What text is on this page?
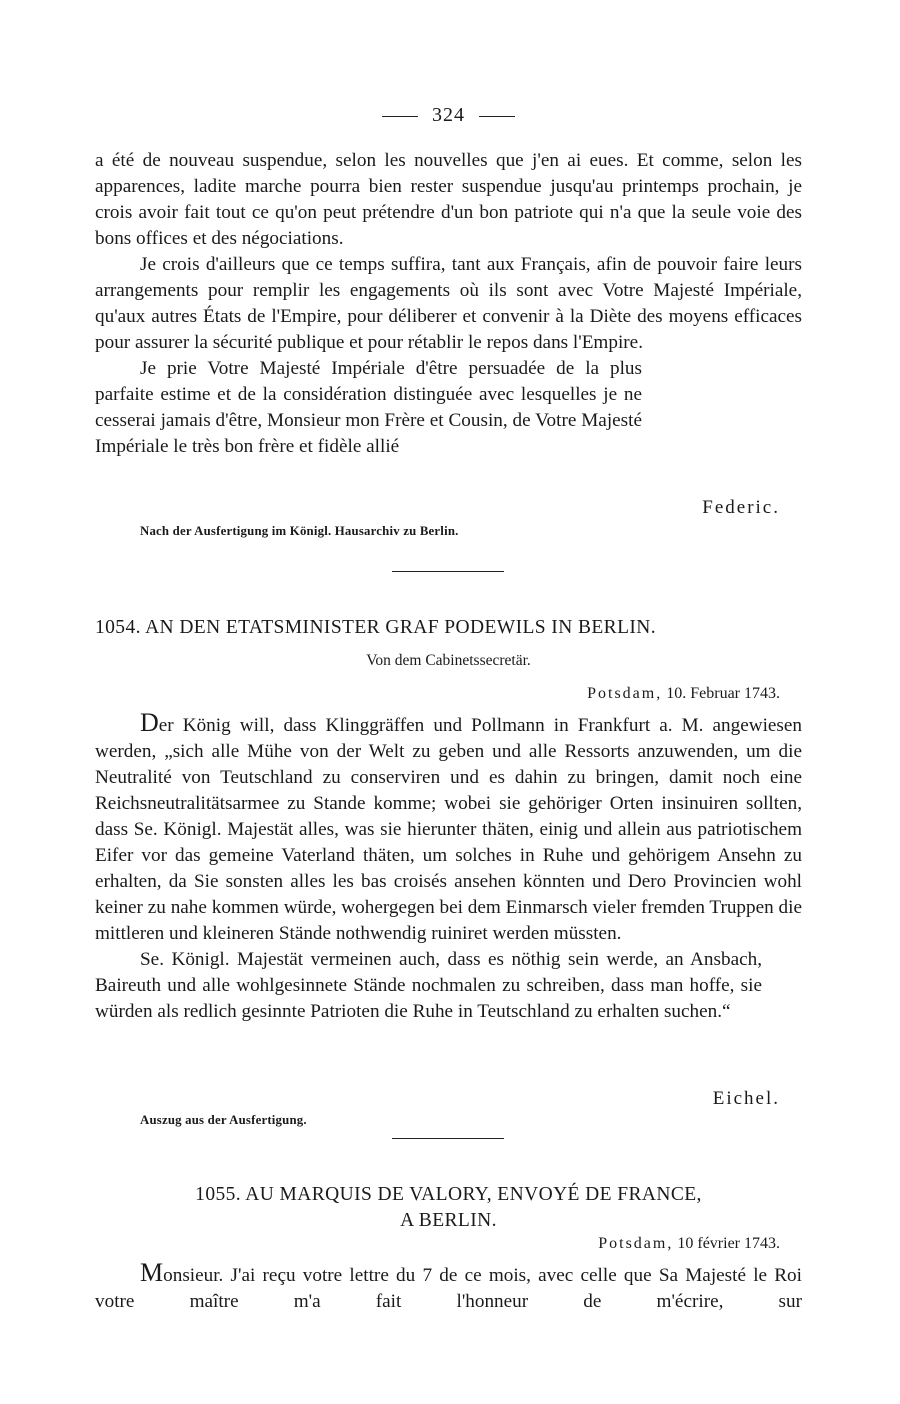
324

a été de nouveau suspendue, selon les nouvelles que j'en ai eues. Et comme, selon les apparences, ladite marche pourra bien rester suspendue jusqu'au printemps prochain, je crois avoir fait tout ce qu'on peut prétendre d'un bon patriote qui n'a que la seule voie des bons offices et des négociations.

Je crois d'ailleurs que ce temps suffira, tant aux Français, afin de pouvoir faire leurs arrangements pour remplir les engagements où ils sont avec Votre Majesté Impériale, qu'aux autres États de l'Empire, pour déliberer et convenir à la Diète des moyens efficaces pour assurer la sécurité publique et pour rétablir le repos dans l'Empire.

Je prie Votre Majesté Impériale d'être persuadée de la plus parfaite estime et de la considération distinguée avec lesquelles je ne cesserai jamais d'être, Monsieur mon Frère et Cousin, de Votre Majesté Impériale le très bon frère et fidèle allié

Federic.
Nach der Ausfertigung im Königl. Hausarchiv zu Berlin.
1054. AN DEN ETATSMINISTER GRAF PODEWILS IN BERLIN.
Von dem Cabinetssecretär.
Potsdam, 10. Februar 1743.

Der König will, dass Klinggräffen und Pollmann in Frankfurt a. M. angewiesen werden, „sich alle Mühe von der Welt zu geben und alle Ressorts anzuwenden, um die Neutralité von Teutschland zu conserviren und es dahin zu bringen, damit noch eine Reichsneutralitätsarmee zu Stande komme; wobei sie gehöriger Orten insinuiren sollten, dass Se. Königl. Majestät alles, was sie hierunter thäten, einig und allein aus patriotischem Eifer vor das gemeine Vaterland thäten, um solches in Ruhe und gehörigem Ansehn zu erhalten, da Sie sonsten alles les bas croisés ansehen könnten und Dero Provincien wohl keiner zu nahe kommen würde, wohergegen bei dem Einmarsch vieler fremden Truppen die mittleren und kleineren Stände nothwendig ruiniret werden müssten.

Se. Königl. Majestät vermeinen auch, dass es nöthig sein werde, an Ansbach, Baireuth und alle wohlgesinnete Stände nochmalen zu schreiben, dass man hoffe, sie würden als redlich gesinnte Patrioten die Ruhe in Teutschland zu erhalten suchen.“

Eichel.
Auszug aus der Ausfertigung.
1055. AU MARQUIS DE VALORY, ENVOYÉ DE FRANCE,
A BERLIN.
Potsdam, 10 février 1743.

Monsieur. J'ai reçu votre lettre du 7 de ce mois, avec celle que Sa Majesté le Roi votre maître m'a fait l'honneur de m'écrire, sur
